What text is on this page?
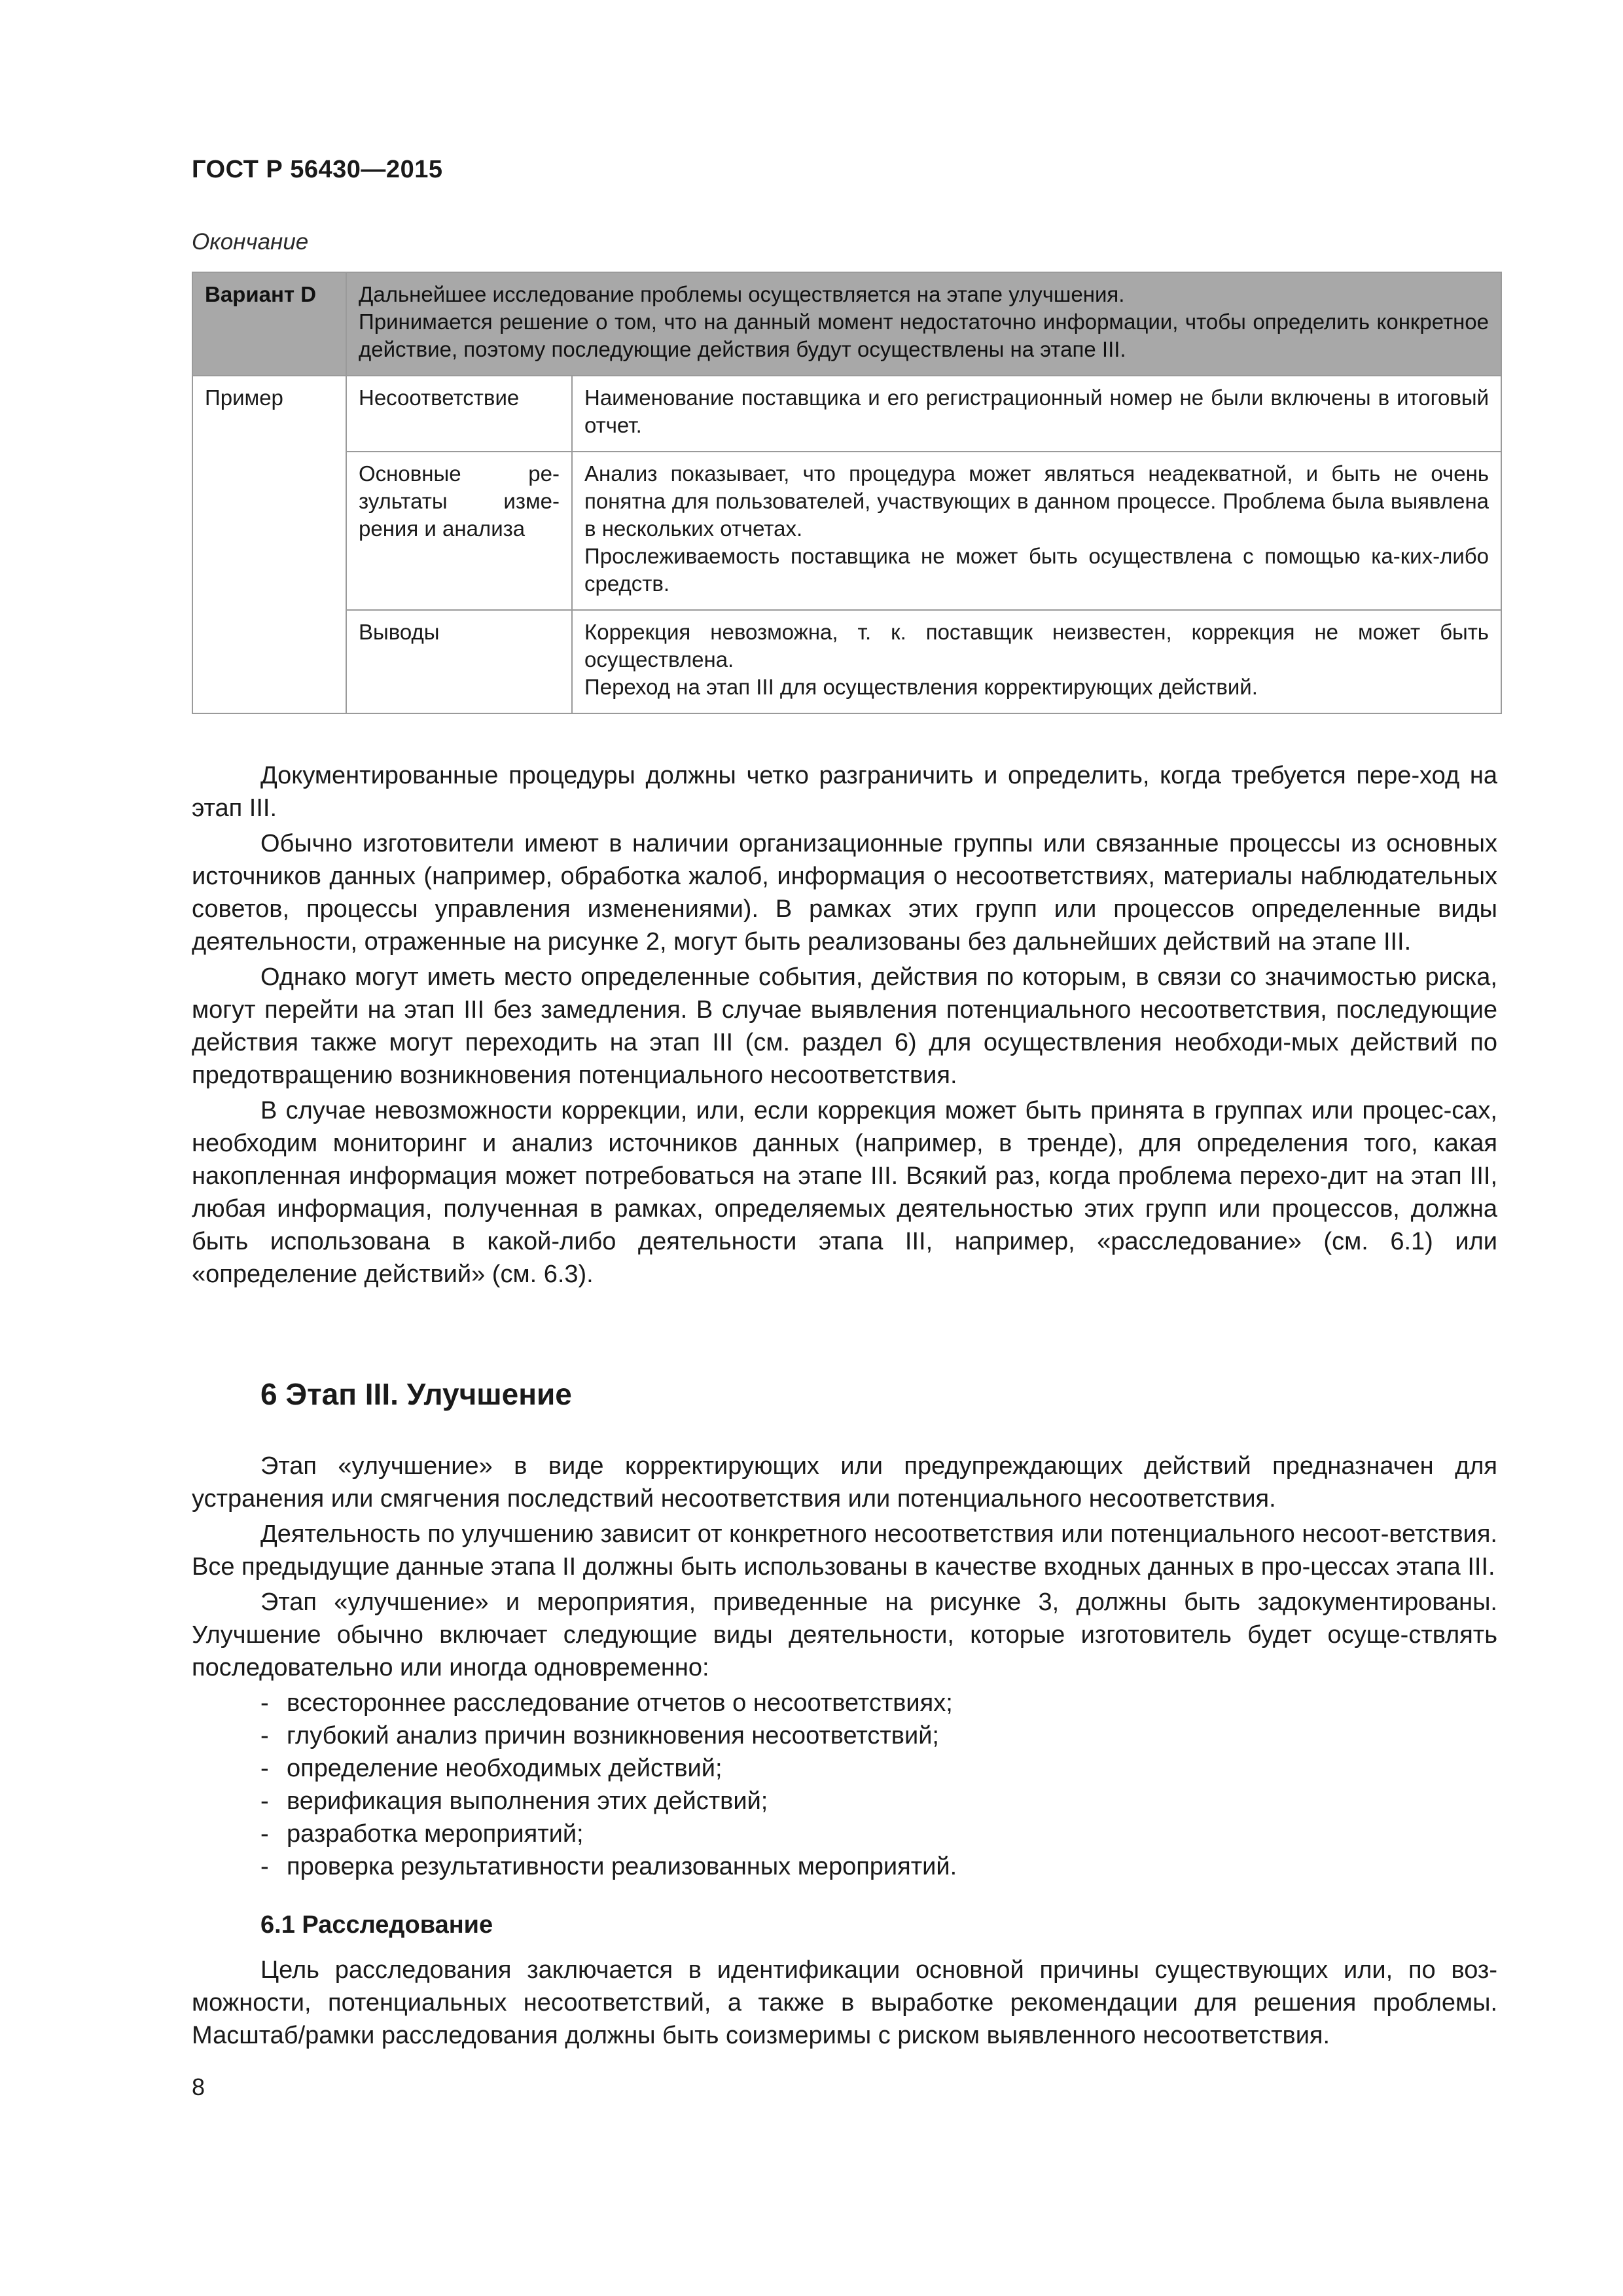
ГОСТ Р 56430—2015
Окончание
Вариант D	Дальнейшее исследование проблемы осуществляется на этапе улучшения.
Принимается решение о том, что на данный момент недостаточно информации, чтобы определить конкретное действие, поэтому последующие действия будут осуществлены на этапе III.	

Пример	Несоответствие	Наименование поставщика и его регистрационный номер не были включены в итоговый отчет.

	Основные ре-зультаты изме-рения и анализа	Анализ показывает, что процедура может являться неадекватной, и быть не очень понятна для пользователей, участвующих в данном процессе. Проблема была выявлена в нескольких отчетах.
Прослеживаемость поставщика не может быть осуществлена с помощью ка-ких-либо средств.

	Выводы	Коррекция невозможна, т. к. поставщик неизвестен, коррекция не может быть осуществлена.
Переход на этап III для осуществления корректирующих действий.

Документированные процедуры должны четко разграничить и определить, когда требуется пере-ход на этап III.

Обычно изготовители имеют в наличии организационные группы или связанные процессы из основных источников данных (например, обработка жалоб, информация о несоответствиях, материалы наблюдательных советов, процессы управления изменениями). В рамках этих групп или процессов определенные виды деятельности, отраженные на рисунке 2, могут быть реализованы без дальнейших действий на этапе III.

Однако могут иметь место определенные события, действия по которым, в связи со значимостью риска, могут перейти на этап III без замедления. В случае выявления потенциального несоответствия, последующие действия также могут переходить на этап III (см. раздел 6) для осуществления необходи-мых действий по предотвращению возникновения потенциального несоответствия.

В случае невозможности коррекции, или, если коррекция может быть принята в группах или процес-сах, необходим мониторинг и анализ источников данных (например, в тренде), для определения того, какая накопленная информация может потребоваться на этапе III. Всякий раз, когда проблема перехо-дит на этап III, любая информация, полученная в рамках, определяемых деятельностью этих групп или процессов, должна быть использована в какой-либо деятельности этапа III, например, «расследование» (см. 6.1) или «определение действий» (см. 6.3).

6 Этап III. Улучшение

Этап «улучшение» в виде корректирующих или предупреждающих действий предназначен для устранения или смягчения последствий несоответствия или потенциального несоответствия.

Деятельность по улучшению зависит от конкретного несоответствия или потенциального несоот-ветствия. Все предыдущие данные этапа II должны быть использованы в качестве входных данных в про-цессах этапа III.

Этап «улучшение» и мероприятия, приведенные на рисунке 3, должны быть задокументированы. Улучшение обычно включает следующие виды деятельности, которые изготовитель будет осуще-ствлять последовательно или иногда одновременно:

- всестороннее расследование отчетов о несоответствиях;
- глубокий анализ причин возникновения несоответствий;
- определение необходимых действий;
- верификация выполнения этих действий;
- разработка мероприятий;
- проверка результативности реализованных мероприятий.
6.1 Расследование

Цель расследования заключается в идентификации основной причины существующих или, по воз-можности, потенциальных несоответствий, а также в выработке рекомендации для решения проблемы. Масштаб/рамки расследования должны быть соизмеримы с риском выявленного несоответствия.

8
